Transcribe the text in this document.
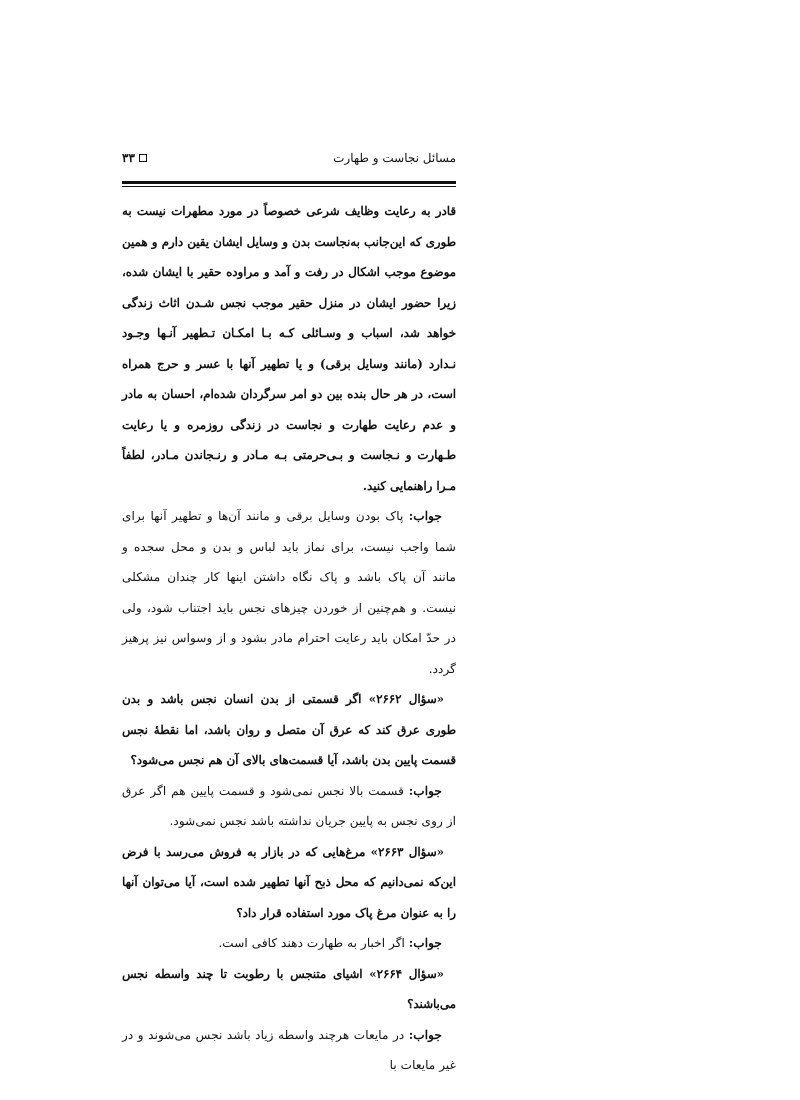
مسائل نجاست و طهارت
۳۳

قادر به رعایت وظایف شرعی خصوصاً در مورد مطهرات نیست به طوری که این‌جانب به‌نجاست بدن و وسایل ایشان یقین دارم و همین موضوع موجب اشکال در رفت و آمد و مراوده حقیر با ایشان شده، زیرا حضور ایشان در منزل حقیر موجب نجس شـدن اثاث زندگی خواهد شد، اسباب و وسـائلی کـه بـا امکـان تـطهیر آنـها وجـود نـدارد (مانند وسایل برقی) و یا تطهیر آنها با عسر و حرج همراه است، در هر حال بنده بین دو امر سرگردان شده‌ام، احسان به مادر و عدم رعایت طهارت و نجاست در زندگی روزمره و یا رعایت طـهارت و نـجاست و بـی‌حرمتی بـه مـادر و رنـجاندن مـادر، لطفاً مـرا راهنمایی کنید.

جواب: پاک بودن وسایل برقی و مانند آن‌ها و تطهیر آنها برای شما واجب نیست، برای نماز باید لباس و بدن و محل سجده و مانند آن پاک باشد و پاک نگاه داشتن اینها کار چندان مشکلی نیست. و هم‌چنین از خوردن چیزهای نجس باید اجتناب شود، ولی در حدّ امکان باید رعایت احترام مادر بشود و از وسواس نیز پرهیز گردد.

«سؤال ۲۶۶۲» اگر قسمتی از بدن انسان نجس باشد و بدن طوری عرق کند که عرق آن متصل و روان باشد، اما نقطهٔ نجس قسمت پایین بدن باشد، آیا قسمت‌های بالای آن هم نجس می‌شود؟

جواب: قسمت بالا نجس نمی‌شود و قسمت پایین هم اگر عرق از روی نجس به پایین جریان نداشته باشد نجس نمی‌شود.

«سؤال ۲۶۶۳» مرغ‌هایی که در بازار به فروش می‌رسد با فرض این‌که نمی‌دانیم که محل ذبح آنها تطهیر شده است، آیا می‌توان آنها را به عنوان مرغ پاک مورد استفاده قرار داد؟

جواب: اگر اخبار به طهارت دهند کافی است.

«سؤال ۲۶۶۴» اشیای متنجس با رطوبت تا چند واسطه نجس می‌باشند؟

جواب: در مایعات هرچند واسطه زیاد باشد نجس می‌شوند و در غیر مایعات با
